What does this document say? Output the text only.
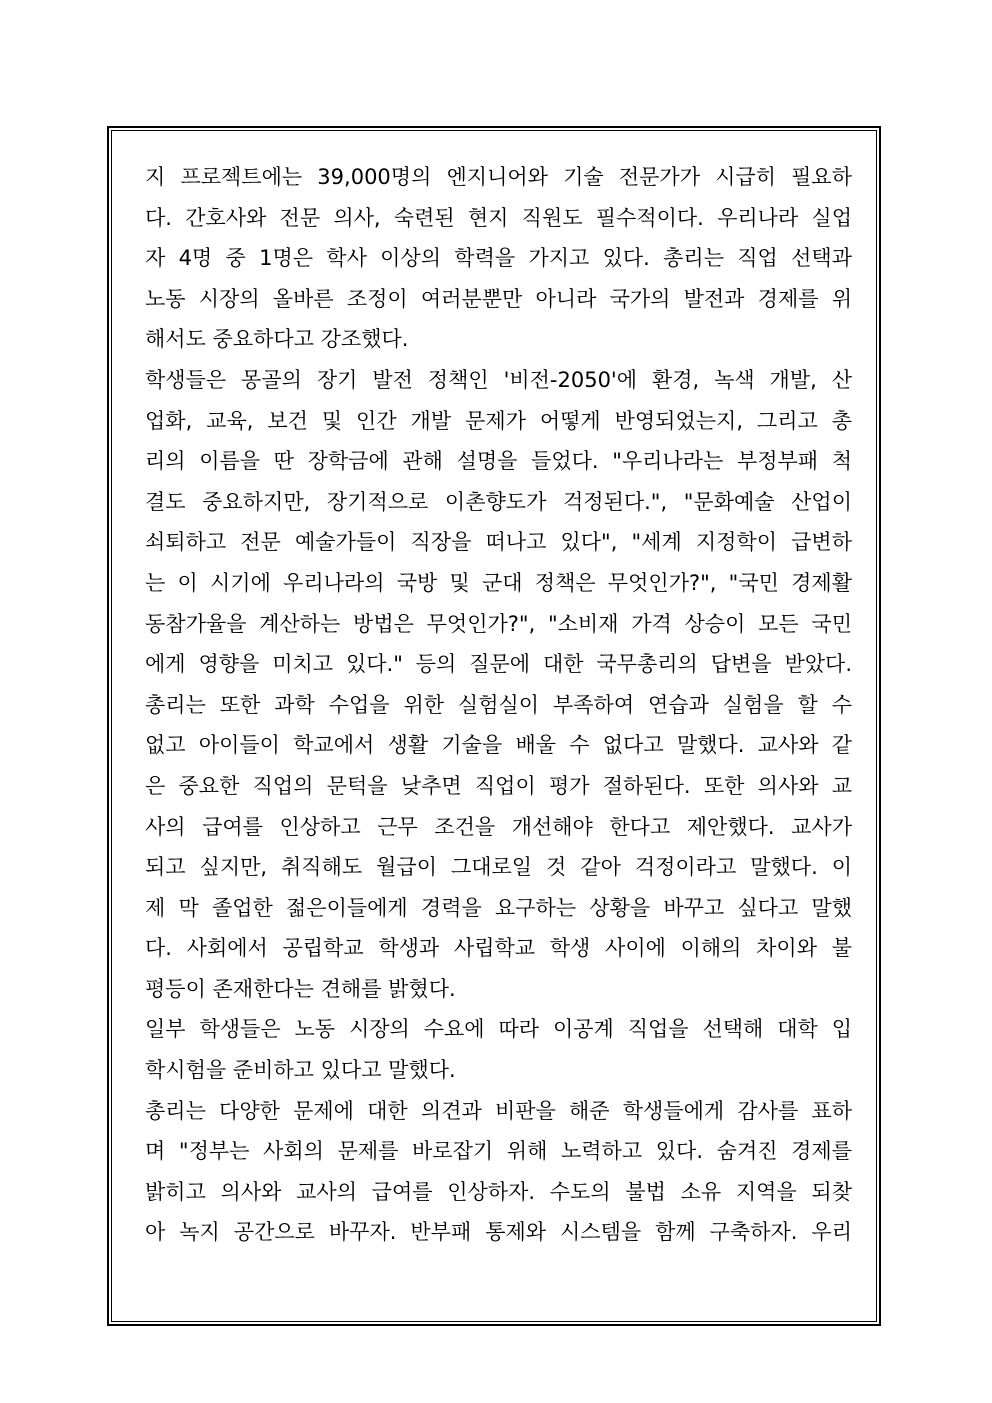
지 프로젝트에는 39,000명의 엔지니어와 기술 전문가가 시급히 필요하
다. 간호사와 전문 의사, 숙련된 현지 직원도 필수적이다. 우리나라 실업
자 4명 중 1명은 학사 이상의 학력을 가지고 있다. 총리는 직업 선택과
노동 시장의 올바른 조정이 여러분뿐만 아니라 국가의 발전과 경제를 위
해서도 중요하다고 강조했다.
학생들은 몽골의 장기 발전 정책인 '비전-2050'에 환경, 녹색 개발, 산
업화, 교육, 보건 및 인간 개발 문제가 어떻게 반영되었는지, 그리고 총
리의 이름을 딴 장학금에 관해 설명을 들었다. "우리나라는 부정부패 척
결도 중요하지만, 장기적으로 이촌향도가 걱정된다.", "문화예술 산업이
쇠퇴하고 전문 예술가들이 직장을 떠나고 있다", "세계 지정학이 급변하
는 이 시기에 우리나라의 국방 및 군대 정책은 무엇인가?", "국민 경제활
동참가율을 계산하는 방법은 무엇인가?", "소비재 가격 상승이 모든 국민
에게 영향을 미치고 있다." 등의 질문에 대한 국무총리의 답변을 받았다.
총리는 또한 과학 수업을 위한 실험실이 부족하여 연습과 실험을 할 수
없고 아이들이 학교에서 생활 기술을 배울 수 없다고 말했다. 교사와 같
은 중요한 직업의 문턱을 낮추면 직업이 평가 절하된다. 또한 의사와 교
사의 급여를 인상하고 근무 조건을 개선해야 한다고 제안했다. 교사가
되고 싶지만, 취직해도 월급이 그대로일 것 같아 걱정이라고 말했다. 이
제 막 졸업한 젊은이들에게 경력을 요구하는 상황을 바꾸고 싶다고 말했
다. 사회에서 공립학교 학생과 사립학교 학생 사이에 이해의 차이와 불
평등이 존재한다는 견해를 밝혔다.
일부 학생들은 노동 시장의 수요에 따라 이공계 직업을 선택해 대학 입
학시험을 준비하고 있다고 말했다.
총리는 다양한 문제에 대한 의견과 비판을 해준 학생들에게 감사를 표하
며 "정부는 사회의 문제를 바로잡기 위해 노력하고 있다. 숨겨진 경제를
밝히고 의사와 교사의 급여를 인상하자. 수도의 불법 소유 지역을 되찾
아 녹지 공간으로 바꾸자. 반부패 통제와 시스템을 함께 구축하자. 우리
